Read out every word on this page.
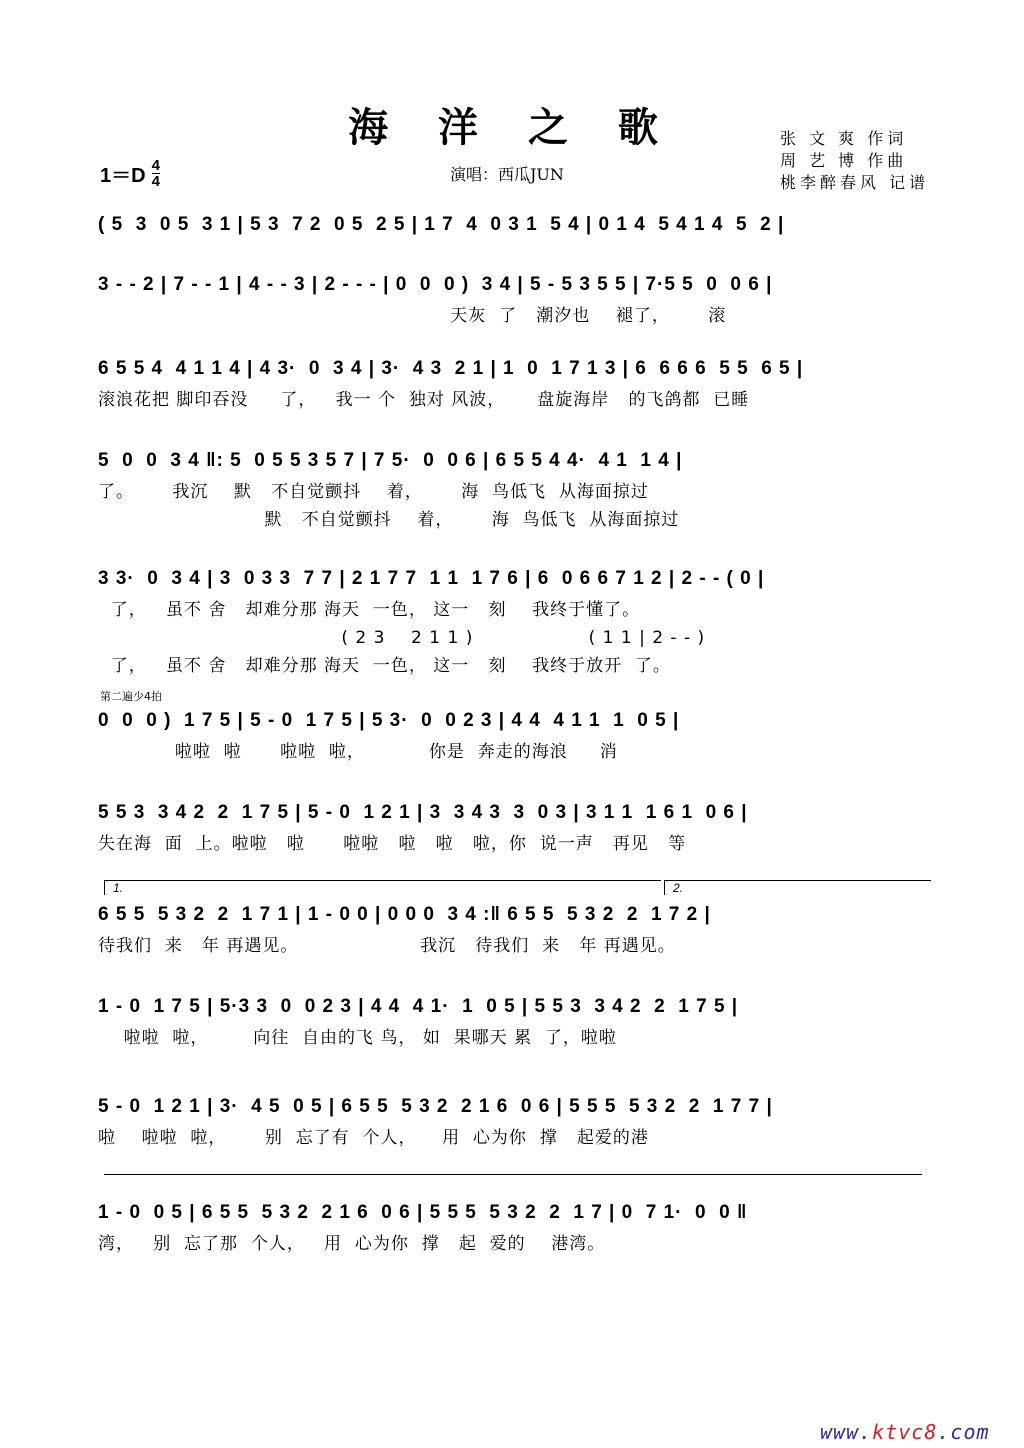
海 洋 之 歌	张 文 爽 作词
周 艺 博 作曲
桃李醉春风 记谱
$1=D \frac{4}{4}$	演唱：西瓜JUN
第二遍少4拍
( 5  3  0 5  3 1 | 5 3  7 2  0 5  2 5 | 1 7  4  0 3 1  5 4 | 0 1 4  5 4 1 4  5  2 |
3 - - 2 | 7 - - 1 | 4 - - 3 | 2 - - - | 0  0  0 )  3 4 | 5 - 5 3 5 5 | 7·5 5  0  0 6 |
天灰  了   潮汐也    褪了，      滚
6 5 5 4  4 1 1 4 | 4 3·  0  3 4 | 3·  4 3  2 1 | 1  0  1 7 1 3 | 6  6 6 6  5 5  6 5 |
滚浪花把 脚印吞没     了，   我一 个  独对 风波，     盘旋海岸   的飞鸽都  已睡
5  0  0  3 4 ‖: 5  0 5 5 3 5 7 | 7 5·  0  0 6 | 6 5 5 4 4·  4 1  1 4 |
了。      我沉    默   不自觉颤抖    着，      海  鸟低飞  从海面掠过
默   不自觉颤抖    着，      海  鸟低飞  从海面掠过
3 3·  0  3 4 | 3  0 3 3  7 7 | 2 1 7 7  1 1  1 7 6 | 6  0 6 6 7 1 2 | 2 - - ( 0 |
了，   虽不 舍   却难分那 海天  一色， 这一   刻    我终于懂了。
( 2 3    2 1 1 )                  ( 1 1 | 2 - - )
了，   虽不 舍   却难分那 海天  一色， 这一   刻    我终于放开  了。
0  0  0 )  1 7 5 | 5 - 0  1 7 5 | 5 3·  0  0 2 3 | 4 4  4 1 1  1  0 5 |
啦啦  啦      啦啦  啦，          你是  奔走的海浪     消
5 5 3  3 4 2  2  1 7 5 | 5 - 0  1 2 1 | 3  3 4 3  3  0 3 | 3 1 1  1 6 1  0 6 |
失在海  面  上。啦啦   啦      啦啦   啦   啦   啦，你  说一声   再见   等
1.	2.
6 5 5  5 3 2  2  1 7 1 | 1 - 0 0 | 0 0 0  3 4 :‖ 6 5 5  5 3 2  2  1 7 2 |
待我们  来   年 再遇见。                   我沉   待我们  来   年 再遇见。
1 - 0  1 7 5 | 5·3 3  0  0 2 3 | 4 4  4 1·  1  0 5 | 5 5 3  3 4 2  2  1 7 5 |
啦啦  啦，       向往  自由的飞 鸟， 如  果哪天 累  了，啦啦
5 - 0  1 2 1 | 3·  4 5  0 5 | 6 5 5  5 3 2  2 1 6  0 6 | 5 5 5  5 3 2  2  1 7 7 |
啦    啦啦  啦，      别  忘了有  个人，    用  心为你  撑   起爱的港
1 - 0  0 5 | 6 5 5  5 3 2  2 1 6  0 6 | 5 5 5  5 3 2  2  1 7 | 0  7 1·  0  0 ‖
湾，   别  忘了那  个人，   用  心为你  撑   起  爱的    港湾。
www.ktvc8.com
